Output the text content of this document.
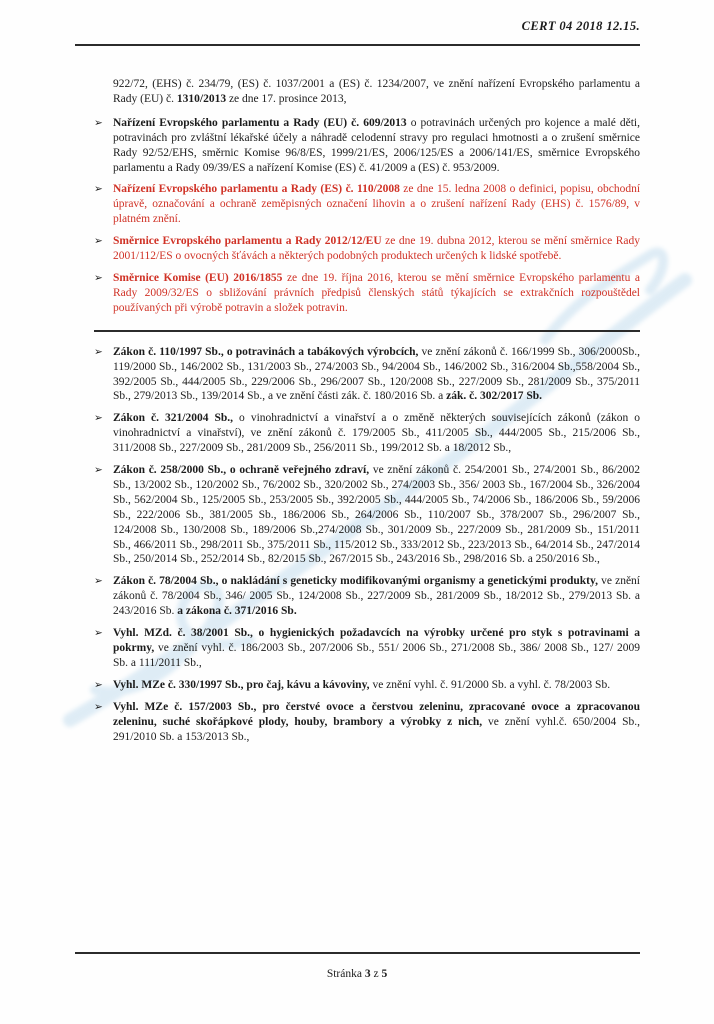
CERT 04 2018 12.15.

922/72, (EHS) č. 234/79, (ES) č. 1037/2001 a (ES) č. 1234/2007, ve znění nařízení Evropského parlamentu a Rady (EU) č. 1310/2013 ze dne 17. prosince 2013,

➢ Nařízení Evropského parlamentu a Rady (EU) č. 609/2013 o potravinách určených pro kojence a malé děti, potravinách pro zvláštní lékařské účely a náhradě celodenní stravy pro regulaci hmotnosti a o zrušení směrnice Rady 92/52/EHS, směrnic Komise 96/8/ES, 1999/21/ES, 2006/125/ES a 2006/141/ES, směrnice Evropského parlamentu a Rady 09/39/ES a nařízení Komise (ES) č. 41/2009 a (ES) č. 953/2009.

➢ Nařízení Evropského parlamentu a Rady (ES) č. 110/2008 ze dne 15. ledna 2008 o definici, popisu, obchodní úpravě, označování a ochraně zeměpisných označení lihovin a o zrušení nařízení Rady (EHS) č. 1576/89, v platném znění.

➢ Směrnice Evropského parlamentu a Rady 2012/12/EU ze dne 19. dubna 2012, kterou se mění směrnice Rady 2001/112/ES o ovocných šťávách a některých podobných produktech určených k lidské spotřebě.

➢ Směrnice Komise (EU) 2016/1855 ze dne 19. října 2016, kterou se mění směrnice Evropského parlamentu a Rady 2009/32/ES o sbližování právních předpisů členských států týkajících se extrakčních rozpouštědel používaných při výrobě potravin a složek potravin.

➢ Zákon č. 110/1997 Sb., o potravinách a tabákových výrobcích, ve znění zákonů č. 166/1999 Sb., 306/2000Sb., 119/2000 Sb., 146/2002 Sb., 131/2003 Sb., 274/2003 Sb., 94/2004 Sb., 146/2002 Sb., 316/2004 Sb.,558/2004 Sb., 392/2005 Sb., 444/2005 Sb., 229/2006 Sb., 296/2007 Sb., 120/2008 Sb., 227/2009 Sb., 281/2009 Sb., 375/2011 Sb., 279/2013 Sb., 139/2014 Sb., a ve znění části zák. č. 180/2016 Sb. a zák. č. 302/2017 Sb.

➢ Zákon č. 321/2004 Sb., o vinohradnictví a vinařství a o změně některých souvisejících zákonů (zákon o vinohradnictví a vinařství), ve znění zákonů č. 179/2005 Sb., 411/2005 Sb., 444/2005 Sb., 215/2006 Sb., 311/2008 Sb., 227/2009 Sb., 281/2009 Sb., 256/2011 Sb., 199/2012 Sb. a 18/2012 Sb.,

➢ Zákon č. 258/2000 Sb., o ochraně veřejného zdraví, ve znění zákonů č. 254/2001 Sb., 274/2001 Sb., 86/2002 Sb., 13/2002 Sb., 120/2002 Sb., 76/2002 Sb., 320/2002 Sb., 274/2003 Sb., 356/ 2003 Sb., 167/2004 Sb., 326/2004 Sb., 562/2004 Sb., 125/2005 Sb., 253/2005 Sb., 392/2005 Sb., 444/2005 Sb., 74/2006 Sb., 186/2006 Sb., 59/2006 Sb., 222/2006 Sb., 381/2005 Sb., 186/2006 Sb., 264/2006 Sb., 110/2007 Sb., 378/2007 Sb., 296/2007 Sb., 124/2008 Sb., 130/2008 Sb., 189/2006 Sb.,274/2008 Sb., 301/2009 Sb., 227/2009 Sb., 281/2009 Sb., 151/2011 Sb., 466/2011 Sb., 298/2011 Sb., 375/2011 Sb., 115/2012 Sb., 333/2012 Sb., 223/2013 Sb., 64/2014 Sb., 247/2014 Sb., 250/2014 Sb., 252/2014 Sb., 82/2015 Sb., 267/2015 Sb., 243/2016 Sb., 298/2016 Sb. a 250/2016 Sb.,

➢ Zákon č. 78/2004 Sb., o nakládání s geneticky modifikovanými organismy a genetickými produkty, ve znění zákonů č. 78/2004 Sb., 346/ 2005 Sb., 124/2008 Sb., 227/2009 Sb., 281/2009 Sb., 18/2012 Sb., 279/2013 Sb. a 243/2016 Sb. a zákona č. 371/2016 Sb.

➢ Vyhl. MZd. č. 38/2001 Sb., o hygienických požadavcích na výrobky určené pro styk s potravinami a pokrmy, ve znění vyhl. č. 186/2003 Sb., 207/2006 Sb., 551/ 2006 Sb., 271/2008 Sb., 386/ 2008 Sb., 127/ 2009 Sb. a 111/2011 Sb.,

➢ Vyhl. MZe č. 330/1997 Sb., pro čaj, kávu a kávoviny, ve znění vyhl. č. 91/2000 Sb. a vyhl. č. 78/2003 Sb.

➢ Vyhl. MZe č. 157/2003 Sb., pro čerstvé ovoce a čerstvou zeleninu, zpracované ovoce a zpracovanou zeleninu, suché skořápkové plody, houby, brambory a výrobky z nich, ve znění vyhl.č. 650/2004 Sb., 291/2010 Sb. a 153/2013 Sb.,

Stránka 3 z 5
